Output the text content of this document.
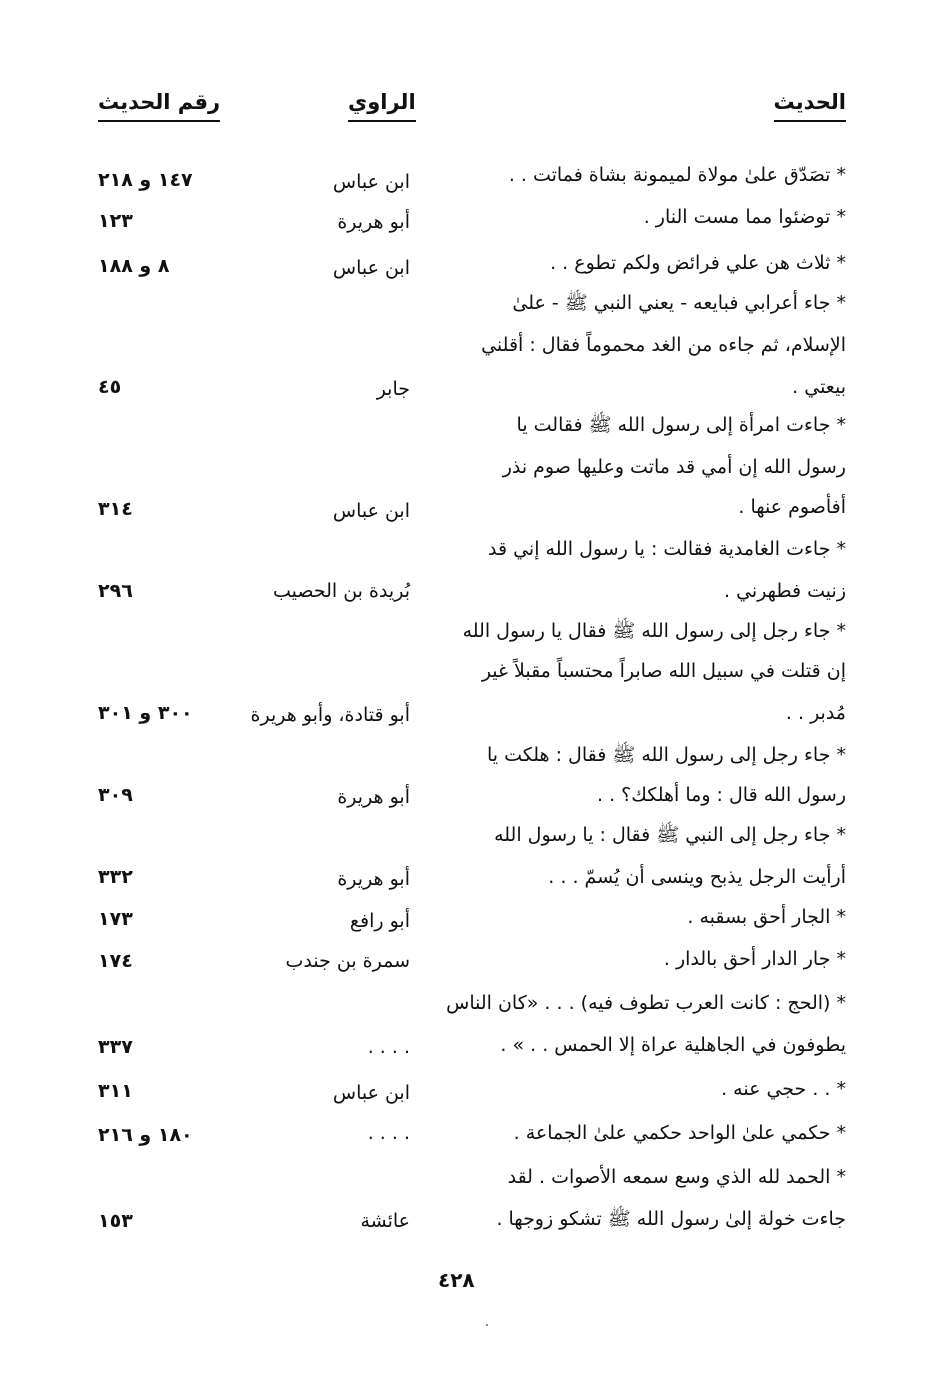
الحديث
الراوي
رقم الحديث
* تصَدّق علىٰ مولاة لميمونة بشاة فماتت . .
ابن عباس
١٤٧ و ٢١٨
* توضئوا مما مست النار .
أبو هريرة
١٢٣
* ثلاث هن علي فرائض ولكم تطوع . .
ابن عباس
٨ و ١٨٨
* جاء أعرابي فبايعه - يعني النبي ﷺ - علىٰ
الإسلام، ثم جاءه من الغد محموماً فقال : أقلني
بيعتي .
جابر
٤٥
* جاءت امرأة إلى رسول الله ﷺ فقالت يا
رسول الله إن أمي قد ماتت وعليها صوم نذر
أفأصوم عنها .
ابن عباس
٣١٤
* جاءت الغامدية فقالت : يا رسول الله إني قد
زنيت فطهرني .
بُريدة بن الحصيب
٢٩٦
* جاء رجل إلى رسول الله ﷺ فقال يا رسول الله
إن قتلت في سبيل الله صابراً محتسباً مقبلاً غير
مُدبر . .
أبو قتادة، وأبو هريرة
٣٠٠ و ٣٠١
* جاء رجل إلى رسول الله ﷺ فقال : هلكت يا
رسول الله قال : وما أهلكك؟ . .
أبو هريرة
٣٠٩
* جاء رجل إلى النبي ﷺ فقال : يا رسول الله
أرأيت الرجل يذبح وينسى أن يُسمّ . . .
أبو هريرة
٣٣٢
* الجار أحق بسقبه .
أبو رافع
١٧٣
* جار الدار أحق بالدار .
سمرة بن جندب
١٧٤
* (الحج : كانت العرب تطوف فيه) . . . «كان الناس
يطوفون في الجاهلية عراة إلا الحمس . . » .
. . . .
٣٣٧
* . . حجي عنه .
ابن عباس
٣١١
* حكمي علىٰ الواحد حكمي علىٰ الجماعة .
. . . .
١٨٠ و ٢١٦
* الحمد لله الذي وسع سمعه الأصوات . لقد
جاءت خولة إلىٰ رسول الله ﷺ تشكو زوجها .
عائشة
١٥٣
٤٢٨
